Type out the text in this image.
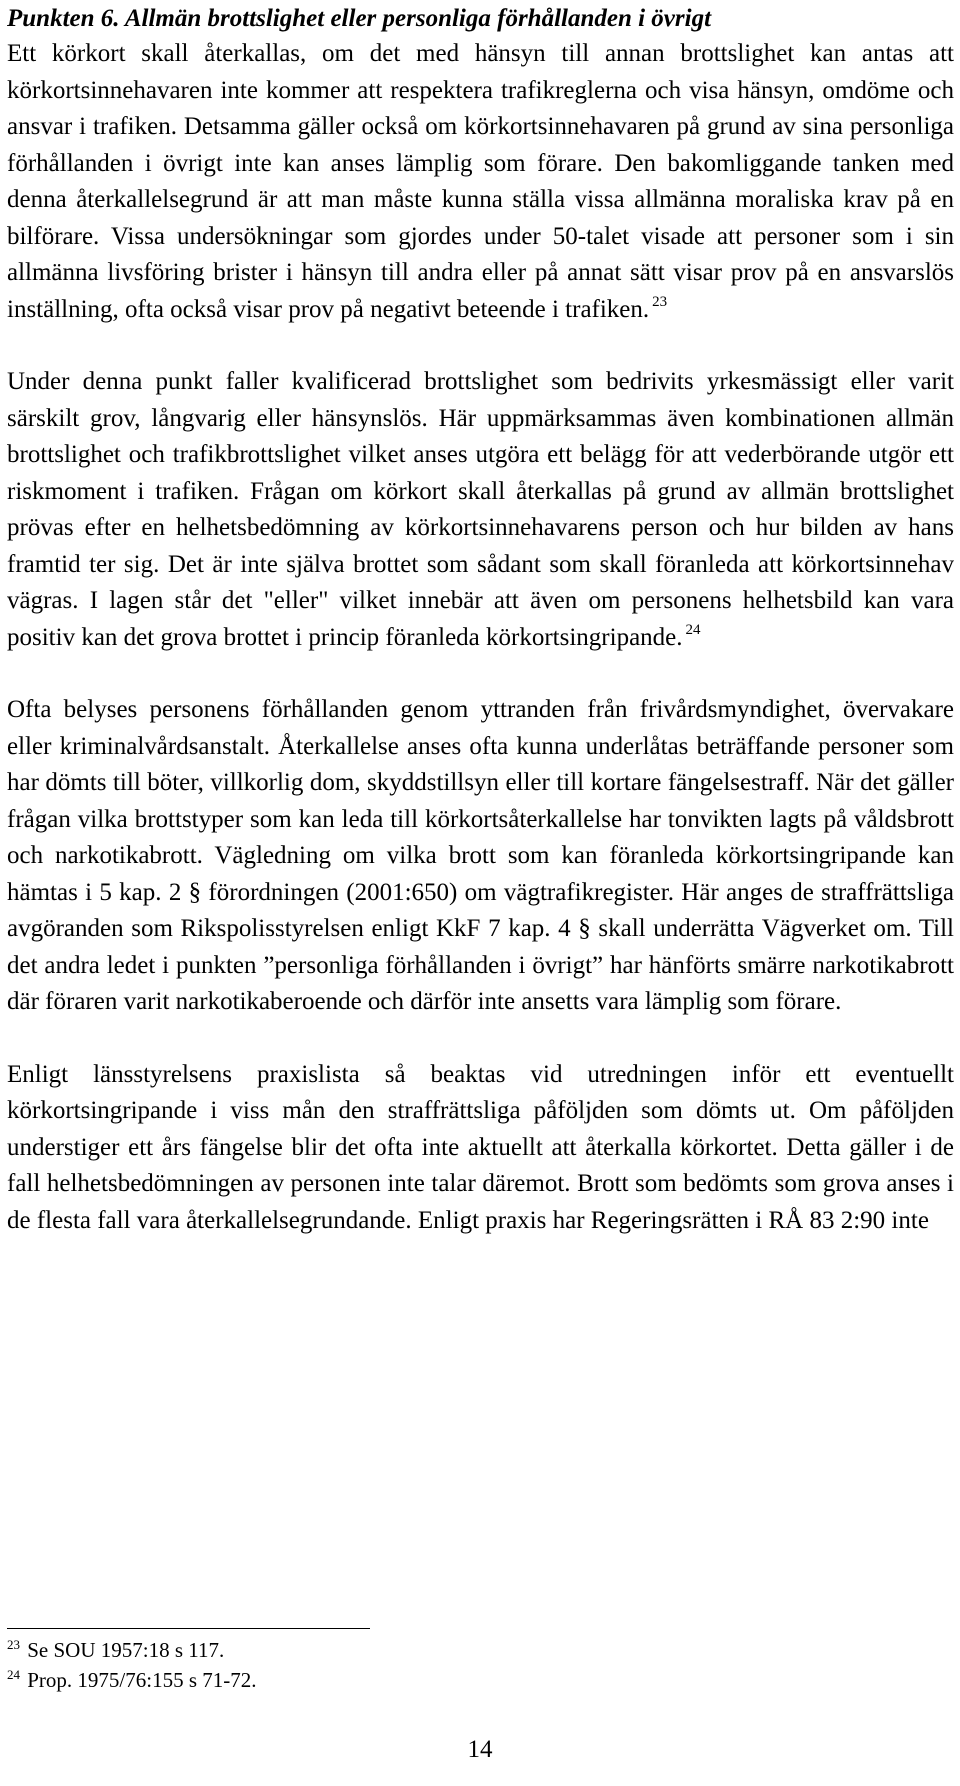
Punkten 6. Allmän brottslighet eller personliga förhållanden i övrigt

Ett körkort skall återkallas, om det med hänsyn till annan brottslighet kan antas att körkortsinnehavaren inte kommer att respektera trafikreglerna och visa hänsyn, omdöme och ansvar i trafiken. Detsamma gäller också om körkortsinnehavaren på grund av sina personliga förhållanden i övrigt inte kan anses lämplig som förare. Den bakomliggande tanken med denna återkallelsegrund är att man måste kunna ställa vissa allmänna moraliska krav på en bilförare. Vissa undersökningar som gjordes under 50-talet visade att personer som i sin allmänna livsföring brister i hänsyn till andra eller på annat sätt visar prov på en ansvarslös inställning, ofta också visar prov på negativt beteende i trafiken. $^{23}$

Under denna punkt faller kvalificerad brottslighet som bedrivits yrkesmässigt eller varit särskilt grov, långvarig eller hänsynslös. Här uppmärksammas även kombinationen allmän brottslighet och trafikbrottslighet vilket anses utgöra ett belägg för att vederbörande utgör ett riskmoment i trafiken. Frågan om körkort skall återkallas på grund av allmän brottslighet prövas efter en helhetsbedömning av körkortsinnehavarens person och hur bilden av hans framtid ter sig. Det är inte själva brottet som sådant som skall föranleda att körkortsinnehav vägras. I lagen står det "eller" vilket innebär att även om personens helhetsbild kan vara positiv kan det grova brottet i princip föranleda körkortsingripande. $^{24}$

Ofta belyses personens förhållanden genom yttranden från frivårdsmyndighet, övervakare eller kriminalvårdsanstalt. Återkallelse anses ofta kunna underlåtas beträffande personer som har dömts till böter, villkorlig dom, skyddstillsyn eller till kortare fängelsestraff. När det gäller frågan vilka brottstyper som kan leda till körkortsåterkallelse har tonvikten lagts på våldsbrott och narkotikabrott. Vägledning om vilka brott som kan föranleda körkortsingripande kan hämtas i 5 kap. 2 § förordningen (2001:650) om vägtrafikregister. Här anges de straffrättsliga avgöranden som Rikspolisstyrelsen enligt KkF 7 kap. 4 § skall underrätta Vägverket om. Till det andra ledet i punkten ”personliga förhållanden i övrigt” har hänförts smärre narkotikabrott där föraren varit narkotikaberoende och därför inte ansetts vara lämplig som förare.

Enligt länsstyrelsens praxislista så beaktas vid utredningen inför ett eventuellt körkortsingripande i viss mån den straffrättsliga påföljden som dömts ut. Om påföljden understiger ett års fängelse blir det ofta inte aktuellt att återkalla körkortet. Detta gäller i de fall helhetsbedömningen av personen inte talar däremot. Brott som bedömts som grova anses i de flesta fall vara återkallelsegrundande. Enligt praxis har Regeringsrätten i RÅ 83 2:90 inte

$^{23}$ Se SOU 1957:18 s 117.
$^{24}$ Prop. 1975/76:155 s 71-72.
14
